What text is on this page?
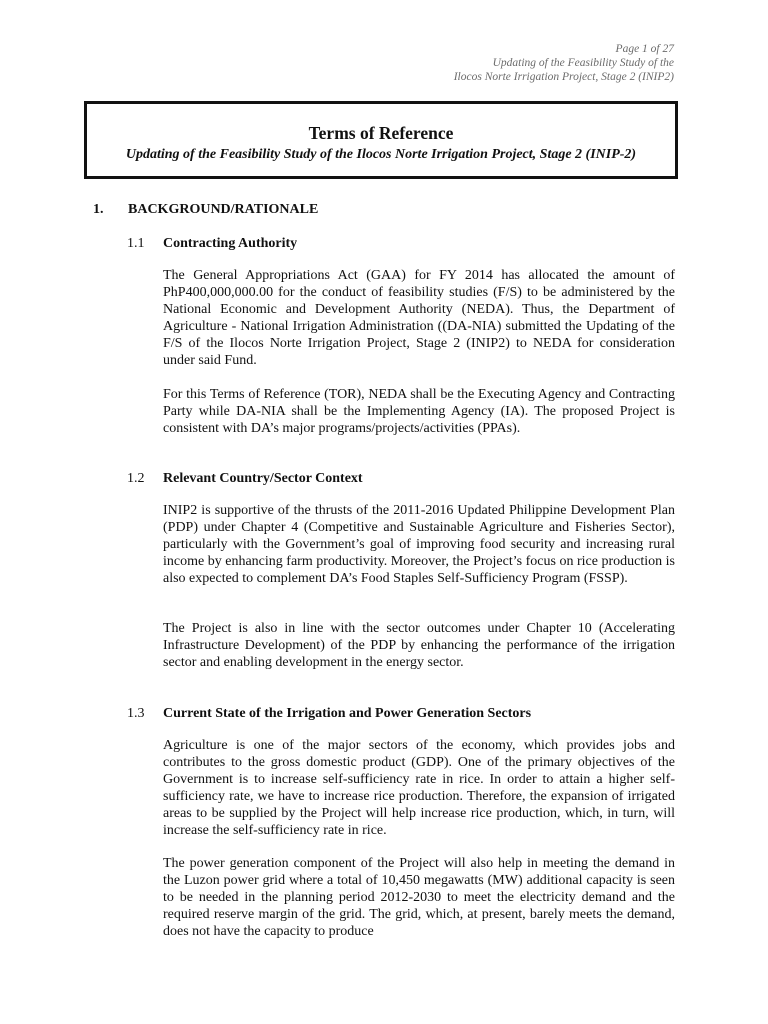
Page 1 of 27
Updating of the Feasibility Study of the
Ilocos Norte Irrigation Project, Stage 2 (INIP2)
Terms of Reference
Updating of the Feasibility Study of the Ilocos Norte Irrigation Project, Stage 2 (INIP-2)
1. BACKGROUND/RATIONALE
1.1 Contracting Authority

The General Appropriations Act (GAA) for FY 2014 has allocated the amount of PhP400,000,000.00 for the conduct of feasibility studies (F/S) to be administered by the National Economic and Development Authority (NEDA). Thus, the Department of Agriculture - National Irrigation Administration ((DA-NIA) submitted the Updating of the F/S of the Ilocos Norte Irrigation Project, Stage 2 (INIP2) to NEDA for consideration under said Fund.

For this Terms of Reference (TOR), NEDA shall be the Executing Agency and Contracting Party while DA-NIA shall be the Implementing Agency (IA). The proposed Project is consistent with DA’s major programs/projects/activities (PPAs).

1.2 Relevant Country/Sector Context

INIP2 is supportive of the thrusts of the 2011-2016 Updated Philippine Development Plan (PDP) under Chapter 4 (Competitive and Sustainable Agriculture and Fisheries Sector), particularly with the Government’s goal of improving food security and increasing rural income by enhancing farm productivity. Moreover, the Project’s focus on rice production is also expected to complement DA’s Food Staples Self-Sufficiency Program (FSSP).

The Project is also in line with the sector outcomes under Chapter 10 (Accelerating Infrastructure Development) of the PDP by enhancing the performance of the irrigation sector and enabling development in the energy sector.

1.3 Current State of the Irrigation and Power Generation Sectors

Agriculture is one of the major sectors of the economy, which provides jobs and contributes to the gross domestic product (GDP). One of the primary objectives of the Government is to increase self-sufficiency rate in rice. In order to attain a higher self-sufficiency rate, we have to increase rice production. Therefore, the expansion of irrigated areas to be supplied by the Project will help increase rice production, which, in turn, will increase the self-sufficiency rate in rice.

The power generation component of the Project will also help in meeting the demand in the Luzon power grid where a total of 10,450 megawatts (MW) additional capacity is seen to be needed in the planning period 2012-2030 to meet the electricity demand and the required reserve margin of the grid. The grid, which, at present, barely meets the demand, does not have the capacity to produce
